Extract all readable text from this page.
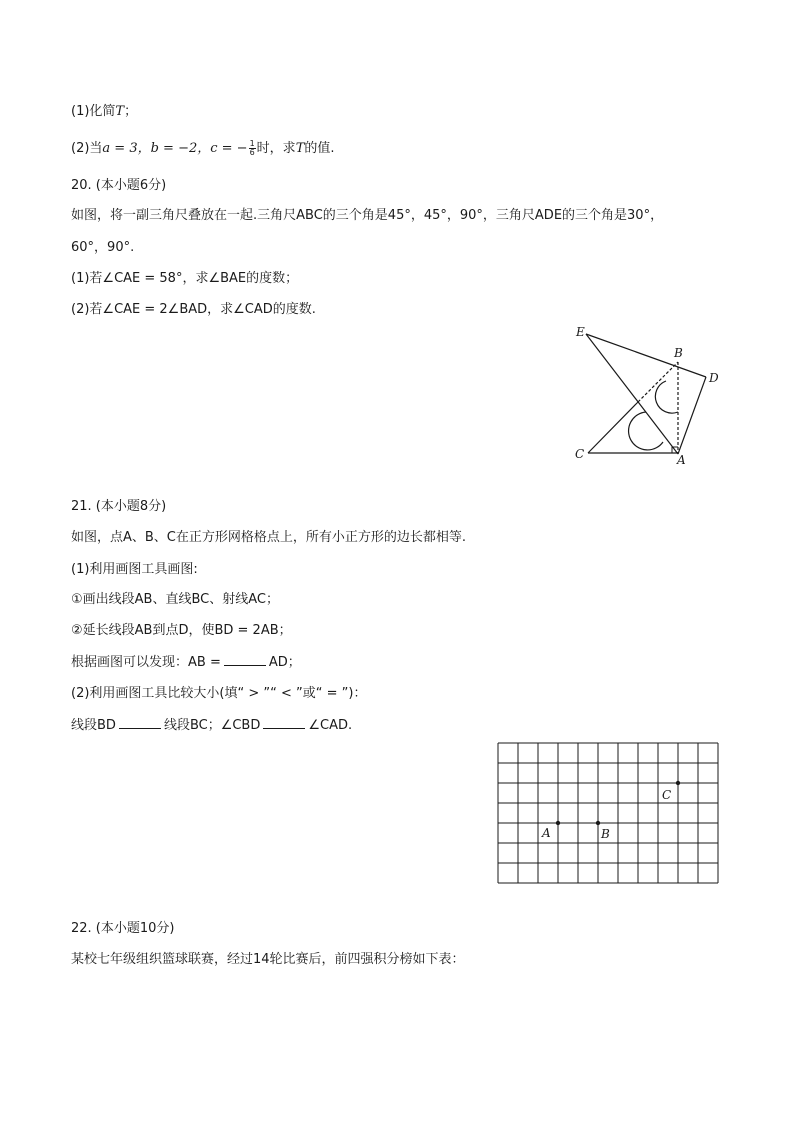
(1)化简T；
(2)当a = 3，b = −2，c = − $\frac{1}{6}$ 时，求T的值.
20. (本小题6分)
如图，将一副三角尺叠放在一起.三角尺ABC的三个角是45°，45°，90°，三角尺ADE的三个角是30°，
60°，90°.
(1)若∠CAE = 58°，求∠BAE的度数；
(2)若∠CAE = 2∠BAD，求∠CAD的度数.
E
B
D
C	A
21. (本小题8分)
如图，点A、B、C在正方形网格格点上，所有小正方形的边长都相等.
(1)利用画图工具画图:
①画出线段AB、直线BC、射线AC；
②延长线段AB到点D，使BD = 2AB；
根据画图可以发现：AB =	AD；
(2)利用画图工具比较大小(填“ > ”“ < ”或“ = ”)：
线段BD	线段BC；∠CBD	∠CAD.
A	B
C
22. (本小题10分)
某校七年级组织篮球联赛，经过14轮比赛后，前四强积分榜如下表：
